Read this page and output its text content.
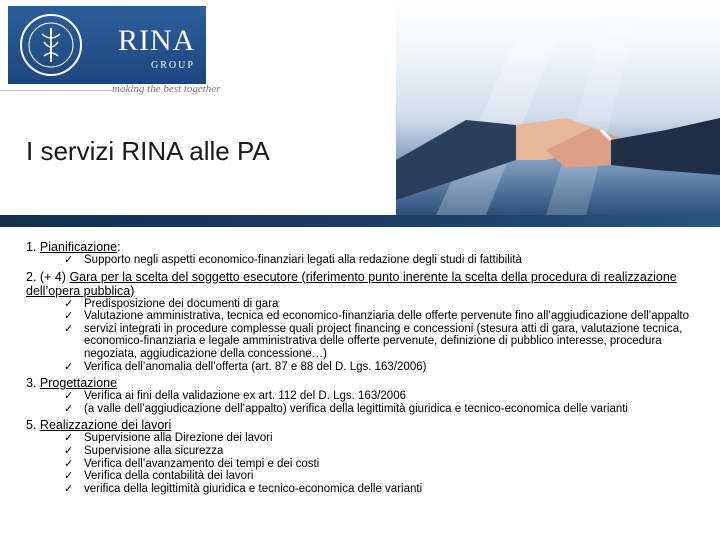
RINA
GROUP
making the best together
I servizi RINA alle PA

1. Pianificazione:

✓ Supporto negli aspetti economico-finanziari legati alla redazione degli studi di fattibilità

2. (+ 4) Gara per la scelta del soggetto esecutore (riferimento punto inerente la scelta della procedura di realizzazione dell’opera pubblica)

✓ Predisposizione dei documenti di gara
✓ Valutazione amministrativa, tecnica ed economico-finanziaria delle offerte pervenute fino all’aggiudicazione dell’appalto
✓ servizi integrati in procedure complesse quali project financing e concessioni (stesura atti di gara, valutazione tecnica, economico-finanziaria e legale amministrativa delle offerte pervenute, definizione di pubblico interesse, procedura negoziata, aggiudicazione della concessione…)
✓ Verifica dell’anomalia dell’offerta (art. 87 e 88 del D. Lgs. 163/2006)

3. Progettazione

✓ Verifica ai fini della validazione ex art. 112 del D. Lgs. 163/2006
✓ (a valle dell’aggiudicazione dell’appalto) verifica della legittimità giuridica e tecnico-economica delle varianti

5. Realizzazione dei lavori

✓ Supervisione alla Direzione dei lavori
✓ Supervisione alla sicurezza
✓ Verifica dell’avanzamento dei tempi e dei costi
✓ Verifica della contabilità dei lavori
✓ verifica della legittimità giuridica e tecnico-economica delle varianti
